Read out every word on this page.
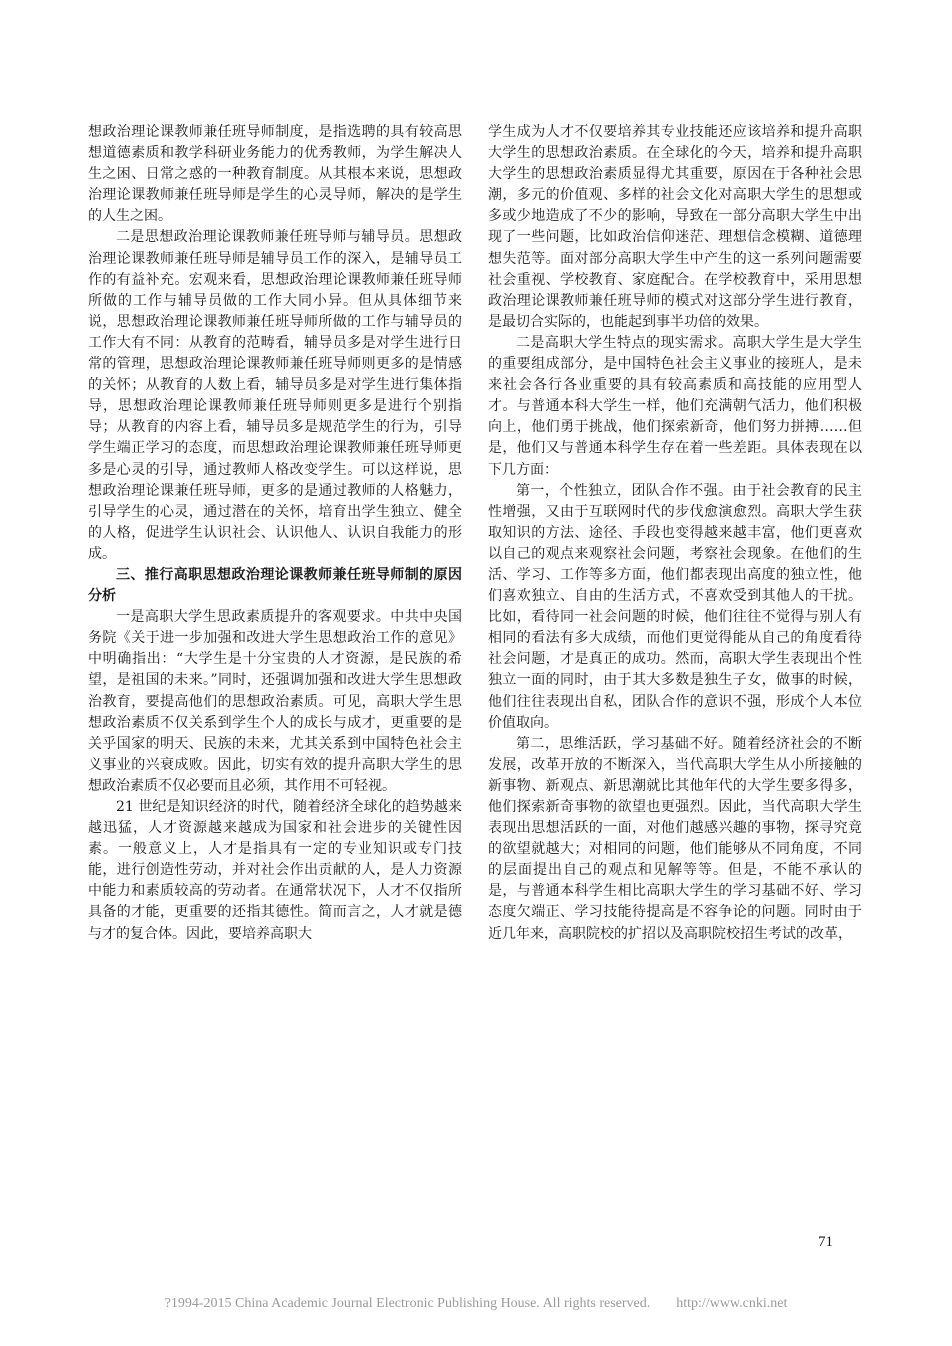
想政治理论课教师兼任班导师制度，是指选聘的具有较高思想道德素质和教学科研业务能力的优秀教师，为学生解决人生之困、日常之惑的一种教育制度。从其根本来说，思想政治理论课教师兼任班导师是学生的心灵导师，解决的是学生的人生之困。

二是思想政治理论课教师兼任班导师与辅导员。思想政治理论课教师兼任班导师是辅导员工作的深入，是辅导员工作的有益补充。宏观来看，思想政治理论课教师兼任班导师所做的工作与辅导员做的工作大同小异。但从具体细节来说，思想政治理论课教师兼任班导师所做的工作与辅导员的工作大有不同：从教育的范畴看，辅导员多是对学生进行日常的管理，思想政治理论课教师兼任班导师则更多的是情感的关怀；从教育的人数上看，辅导员多是对学生进行集体指导，思想政治理论课教师兼任班导师则更多是进行个别指导；从教育的内容上看，辅导员多是规范学生的行为，引导学生端正学习的态度，而思想政治理论课教师兼任班导师更多是心灵的引导，通过教师人格改变学生。可以这样说，思想政治理论课兼任班导师，更多的是通过教师的人格魅力，引导学生的心灵，通过潜在的关怀，培育出学生独立、健全的人格，促进学生认识社会、认识他人、认识自我能力的形成。

三、推行高职思想政治理论课教师兼任班导师制的原因分析

一是高职大学生思政素质提升的客观要求。中共中央国务院《关于进一步加强和改进大学生思想政治工作的意见》中明确指出：“大学生是十分宝贵的人才资源，是民族的希望，是祖国的未来。”同时，还强调加强和改进大学生思想政治教育，要提高他们的思想政治素质。可见，高职大学生思想政治素质不仅关系到学生个人的成长与成才，更重要的是关乎国家的明天、民族的未来，尤其关系到中国特色社会主义事业的兴衰成败。因此，切实有效的提升高职大学生的思想政治素质不仅必要而且必须，其作用不可轻视。

21 世纪是知识经济的时代，随着经济全球化的趋势越来越迅猛，人才资源越来越成为国家和社会进步的关键性因素。一般意义上，人才是指具有一定的专业知识或专门技能，进行创造性劳动，并对社会作出贡献的人，是人力资源中能力和素质较高的劳动者。在通常状况下，人才不仅指所具备的才能，更重要的还指其德性。简而言之，人才就是德与才的复合体。因此，要培养高职大

学生成为人才不仅要培养其专业技能还应该培养和提升高职大学生的思想政治素质。在全球化的今天，培养和提升高职大学生的思想政治素质显得尤其重要，原因在于各种社会思潮，多元的价值观、多样的社会文化对高职大学生的思想或多或少地造成了不少的影响，导致在一部分高职大学生中出现了一些问题，比如政治信仰迷茫、理想信念模糊、道德理想失范等。面对部分高职大学生中产生的这一系列问题需要社会重视、学校教育、家庭配合。在学校教育中，采用思想政治理论课教师兼任班导师的模式对这部分学生进行教育，是最切合实际的，也能起到事半功倍的效果。

二是高职大学生特点的现实需求。高职大学生是大学生的重要组成部分，是中国特色社会主义事业的接班人，是未来社会各行各业重要的具有较高素质和高技能的应用型人才。与普通本科大学生一样，他们充满朝气活力，他们积极向上，他们勇于挑战，他们探索新奇，他们努力拼搏……但是，他们又与普通本科学生存在着一些差距。具体表现在以下几方面：

第一，个性独立，团队合作不强。由于社会教育的民主性增强，又由于互联网时代的步伐愈演愈烈。高职大学生获取知识的方法、途径、手段也变得越来越丰富，他们更喜欢以自己的观点来观察社会问题，考察社会现象。在他们的生活、学习、工作等多方面，他们都表现出高度的独立性，他们喜欢独立、自由的生活方式，不喜欢受到其他人的干扰。比如，看待同一社会问题的时候，他们往往不觉得与别人有相同的看法有多大成绩，而他们更觉得能从自己的角度看待社会问题，才是真正的成功。然而，高职大学生表现出个性独立一面的同时，由于其大多数是独生子女，做事的时候，他们往往表现出自私，团队合作的意识不强，形成个人本位价值取向。

第二，思维活跃，学习基础不好。随着经济社会的不断发展，改革开放的不断深入，当代高职大学生从小所接触的新事物、新观点、新思潮就比其他年代的大学生要多得多，他们探索新奇事物的欲望也更强烈。因此，当代高职大学生表现出思想活跃的一面，对他们越感兴趣的事物，探寻究竟的欲望就越大；对相同的问题，他们能够从不同角度，不同的层面提出自己的观点和见解等等。但是，不能不承认的是，与普通本科学生相比高职大学生的学习基础不好、学习态度欠端正、学习技能待提高是不容争论的问题。同时由于近几年来，高职院校的扩招以及高职院校招生考试的改革，

71
?1994-2015 China Academic Journal Electronic Publishing House. All rights reserved. http://www.cnki.net
